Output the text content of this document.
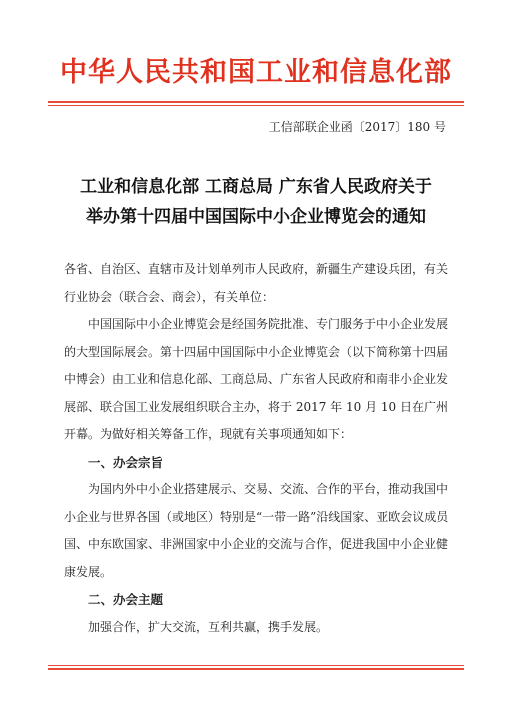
中华人民共和国工业和信息化部
工信部联企业函〔2017〕180 号
工业和信息化部 工商总局 广东省人民政府关于
举办第十四届中国国际中小企业博览会的通知

各省、自治区、直辖市及计划单列市人民政府，新疆生产建设兵团，有关行业协会（联合会、商会），有关单位：

中国国际中小企业博览会是经国务院批准、专门服务于中小企业发展的大型国际展会。第十四届中国国际中小企业博览会（以下简称第十四届中博会）由工业和信息化部、工商总局、广东省人民政府和南非小企业发展部、联合国工业发展组织联合主办，将于 2017 年 10 月 10 日在广州开幕。为做好相关筹备工作，现就有关事项通知如下：

一、办会宗旨

为国内外中小企业搭建展示、交易、交流、合作的平台，推动我国中小企业与世界各国（或地区）特别是“一带一路”沿线国家、亚欧会议成员国、中东欧国家、非洲国家中小企业的交流与合作，促进我国中小企业健康发展。

二、办会主题

加强合作，扩大交流，互利共赢，携手发展。
